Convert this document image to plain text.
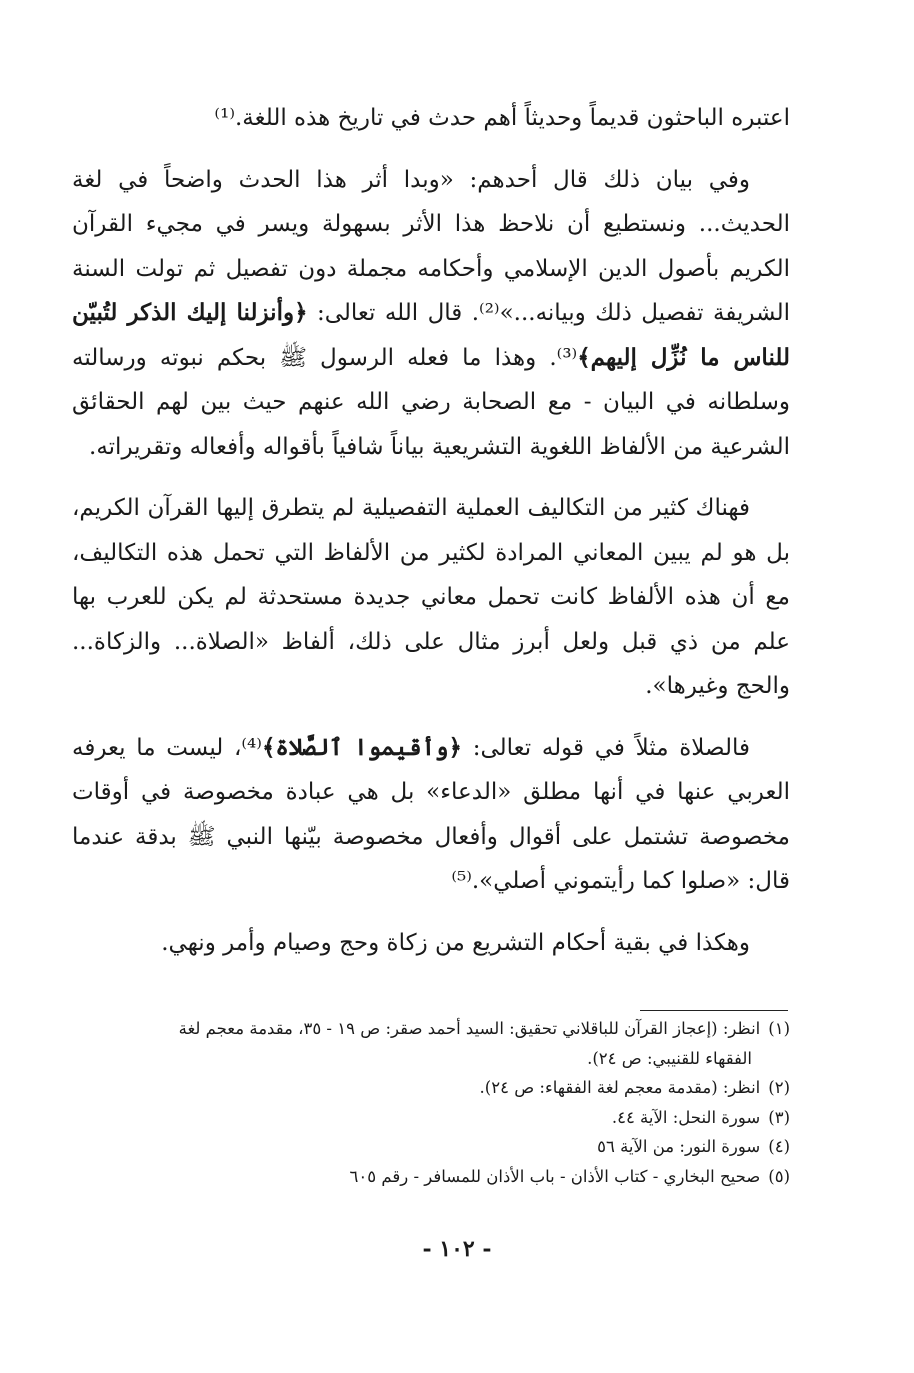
اعتبره الباحثون قديماً وحديثاً أهم حدث في تاريخ هذه اللغة.⁽¹⁾

وفي بيان ذلك قال أحدهم: «وبدا أثر هذا الحدث واضحاً في لغة الحديث... ونستطيع أن نلاحظ هذا الأثر بسهولة ويسر في مجيء القرآن الكريم بأصول الدين الإسلامي وأحكامه مجملة دون تفصيل ثم تولت السنة الشريفة تفصيل ذلك وبيانه...»⁽²⁾. قال الله تعالى: ﴿وأنزلنا إليك الذكر لتُبيّن للناس ما نُزِّل إليهم﴾⁽³⁾. وهذا ما فعله الرسول ﷺ بحكم نبوته ورسالته وسلطانه في البيان - مع الصحابة رضي الله عنهم حيث بين لهم الحقائق الشرعية من الألفاظ اللغوية التشريعية بياناً شافياً بأقواله وأفعاله وتقريراته.

فهناك كثير من التكاليف العملية التفصيلية لم يتطرق إليها القرآن الكريم، بل هو لم يبين المعاني المرادة لكثير من الألفاظ التي تحمل هذه التكاليف، مع أن هذه الألفاظ كانت تحمل معاني جديدة مستحدثة لم يكن للعرب بها علم من ذي قبل ولعل أبرز مثال على ذلك، ألفاظ «الصلاة... والزكاة... والحج وغيرها».

فالصلاة مثلاً في قوله تعالى: ﴿وأقيموا ٱلصَّلاة﴾⁽⁴⁾، ليست ما يعرفه العربي عنها في أنها مطلق «الدعاء» بل هي عبادة مخصوصة في أوقات مخصوصة تشتمل على أقوال وأفعال مخصوصة بيّنها النبي ﷺ بدقة عندما قال: «صلوا كما رأيتموني أصلي».⁽⁵⁾

وهكذا في بقية أحكام التشريع من زكاة وحج وصيام وأمر ونهي.

(١)انظر: (إعجاز القرآن للباقلاني تحقيق: السيد أحمد صقر: ص ١٩ - ٣٥، مقدمة معجم لغة

الفقهاء للقنيبي: ص ٢٤).

(٢)انظر: (مقدمة معجم لغة الفقهاء: ص ٢٤).

(٣)سورة النحل: الآية ٤٤.

(٤)سورة النور: من الآية ٥٦

(٥)صحيح البخاري - كتاب الأذان - باب الأذان للمسافر - رقم ٦٠٥

- ١٠٢ -
